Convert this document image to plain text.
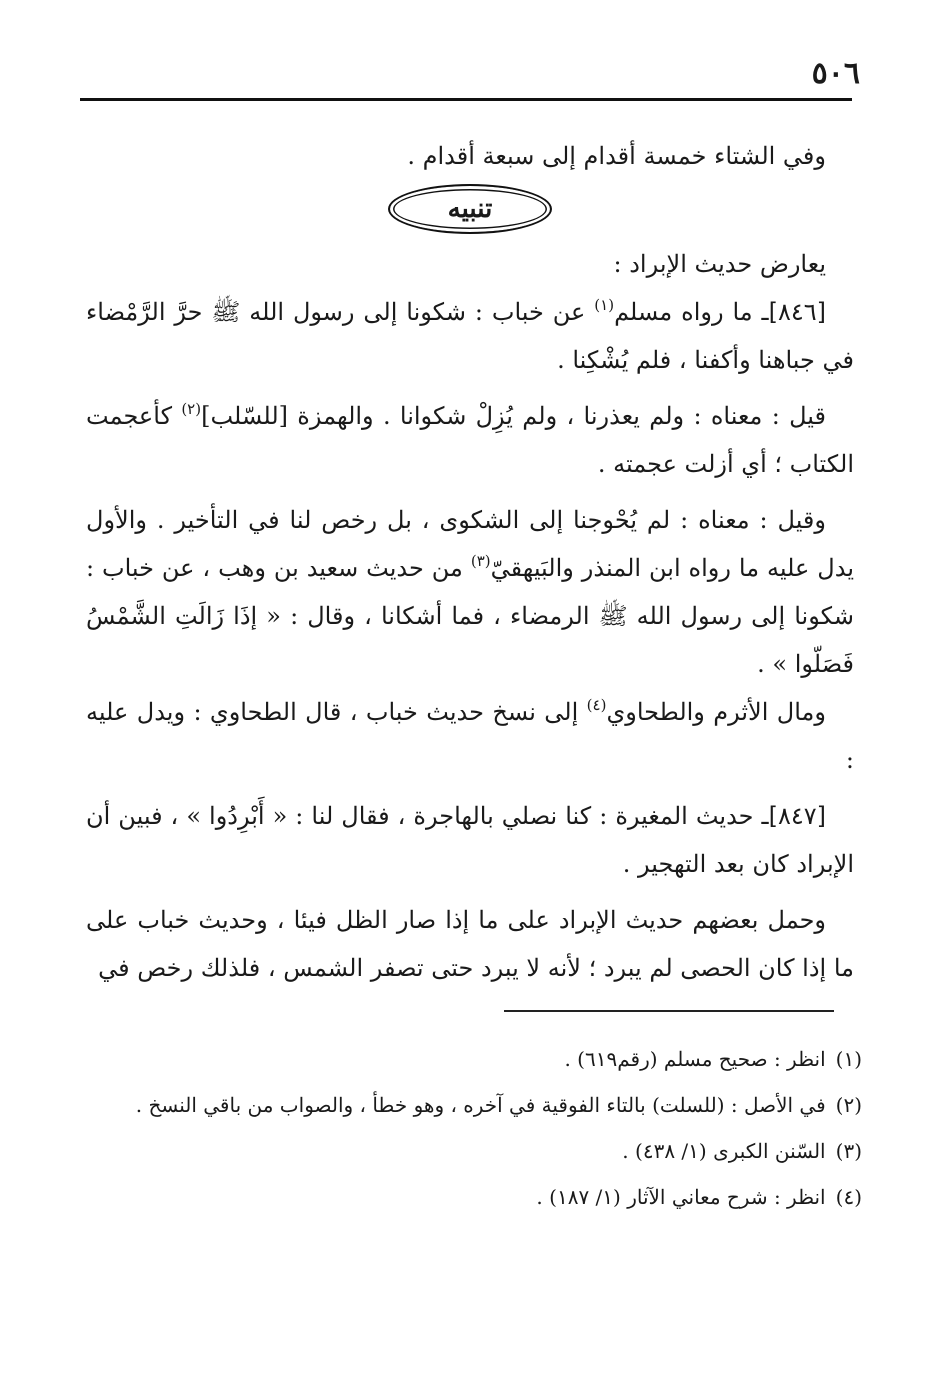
٥٠٦

وفي الشتاء خمسة أقدام إلى سبعة أقدام .

تنبيه

يعارض حديث الإبراد :

[٨٤٦]ـ ما رواه مسلم$^{(١)}$ عن خباب : شكونا إلى رسول الله ﷺ حرَّ الرَّمْضاء في جباهنا وأكفنا ، فلم يُشْكِنا .

قيل : معناه : ولم يعذرنا ، ولم يُزِلْ شكوانا . والهمزة [للسّلب]$^{(٢)}$ كأعجمت الكتاب ؛ أي أزلت عجمته .

وقيل : معناه : لم يُحْوجنا إلى الشكوى ، بل رخص لنا في التأخير . والأول يدل عليه ما رواه ابن المنذر والبَيهقيّ$^{(٣)}$ من حديث سعيد بن وهب ، عن خباب : شكونا إلى رسول الله ﷺ الرمضاء ، فما أشكانا ، وقال : « إذَا زَالَتِ الشَّمْسُ فَصَلّوا » .

ومال الأثرم والطحاوي$^{(٤)}$ إلى نسخ حديث خباب ، قال الطحاوي : ويدل عليه :

[٨٤٧]ـ حديث المغيرة : كنا نصلي بالهاجرة ، فقال لنا : « أَبْرِدُوا » ، فبين أن الإبراد كان بعد التهجير .

وحمل بعضهم حديث الإبراد على ما إذا صار الظل فيئا ، وحديث خباب على ما إذا كان الحصى لم يبرد ؛ لأنه لا يبرد حتى تصفر الشمس ، فلذلك رخص في

(١)انظر : صحيح مسلم (رقم٦١٩) .
(٢)في الأصل : (للسلت) بالتاء الفوقية في آخره ، وهو خطأ ، والصواب من باقي النسخ .
(٣)السّنن الكبرى (١/ ٤٣٨) .
(٤)انظر : شرح معاني الآثار (١/ ١٨٧) .
